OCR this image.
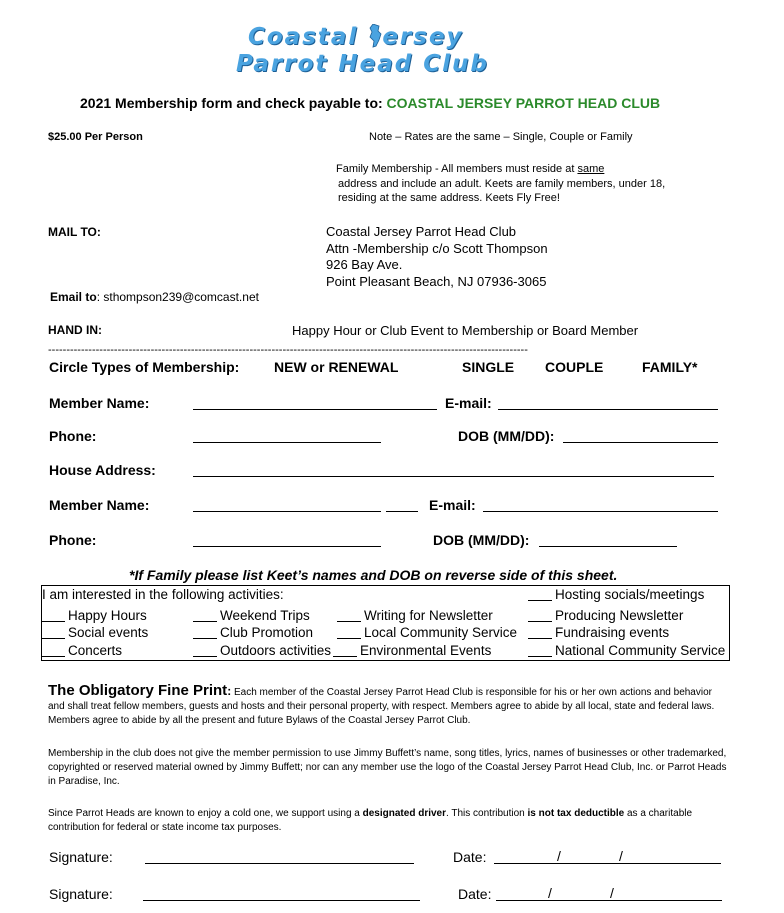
Coastal ersey
Parrot Head Club
2021 Membership form and check payable to: COASTAL JERSEY PARROT HEAD CLUB
$25.00 Per Person	Note – Rates are the same – Single, Couple or Family
Family Membership - All members must reside at same
address and include an adult. Keets are family members, under 18,
residing at the same address. Keets Fly Free!
MAIL TO:	Coastal Jersey Parrot Head Club
Attn -Membership c/o Scott Thompson
926 Bay Ave.
Point Pleasant Beach, NJ 07936-3065
Email to: sthompson239@comcast.net
HAND IN:	Happy Hour or Club Event to Membership or Board Member
-----------------------------------------------------------------------------------------------------------------------------------
Circle Types of Membership: NEW or RENEWAL	SINGLE COUPLE	FAMILY*
Member Name:	E-mail:
Phone:	DOB (MM/DD):
House Address:
Member Name:	E-mail:
Phone:	DOB (MM/DD):
*If Family please list Keet’s names and DOB on reverse side of this sheet.
I am interested in the following activities:	Hosting socials/meetings
Happy Hours	Weekend Trips	Writing for Newsletter	Producing Newsletter
Social events	Club Promotion	Local Community Service	Fundraising events
Concerts	Outdoors activities	Environmental Events	National Community Service
The Obligatory Fine Print: Each member of the Coastal Jersey Parrot Head Club is responsible for his or her own actions and behavior and shall treat fellow members, guests and hosts and their personal property, with respect. Members agree to abide by all local, state and federal laws. Members agree to abide by all the present and future Bylaws of the Coastal Jersey Parrot Club.
Membership in the club does not give the member permission to use Jimmy Buffett’s name, song titles, lyrics, names of businesses or other trademarked, copyrighted or reserved material owned by Jimmy Buffett; nor can any member use the logo of the Coastal Jersey Parrot Head Club, Inc. or Parrot Heads in Paradise, Inc.
Since Parrot Heads are known to enjoy a cold one, we support using a designated driver. This contribution is not tax deductible as a charitable contribution for federal or state income tax purposes.
Signature:	Date:	/	/
Signature:	Date:	/	/
